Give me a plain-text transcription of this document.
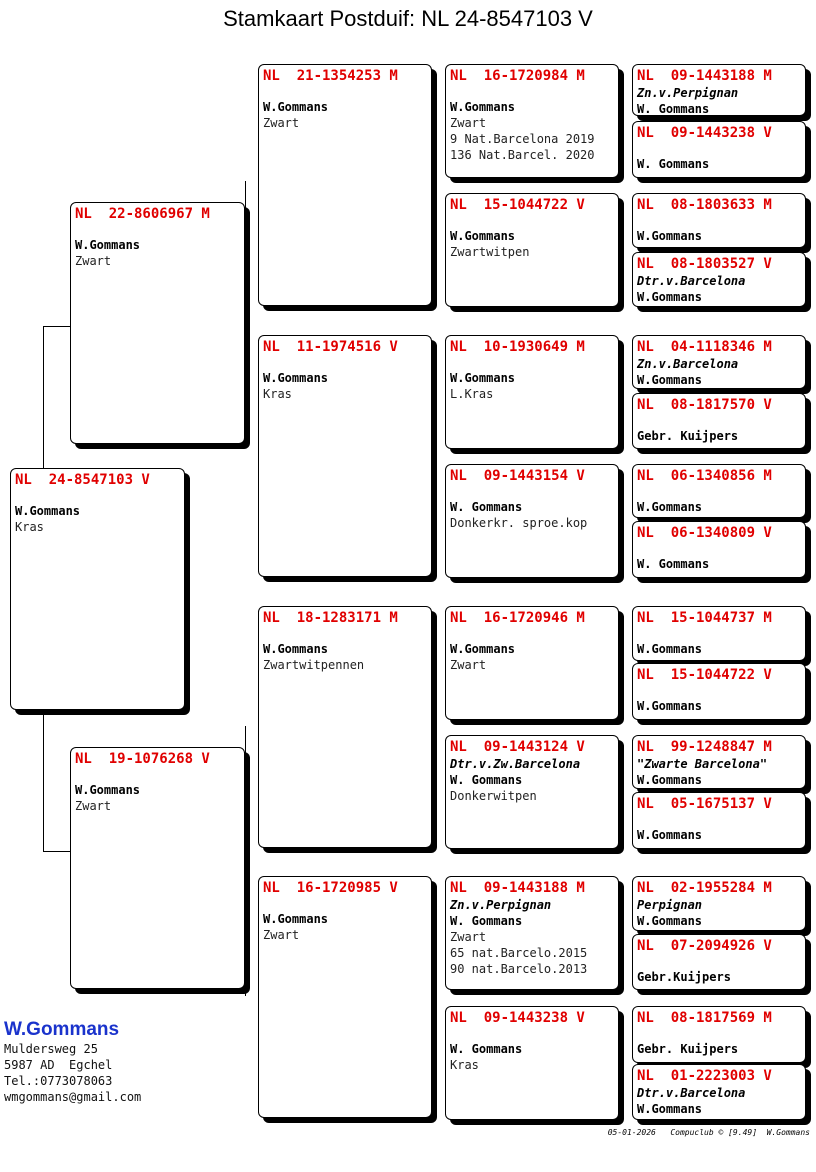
Stamkaart Postduif: NL 24-8547103 V
NL  24-8547103 V
W.Gommans
Kras
NL  22-8606967 M
W.Gommans
Zwart
NL  19-1076268 V
W.Gommans
Zwart
NL  21-1354253 M
W.Gommans
Zwart
NL  11-1974516 V
W.Gommans
Kras
NL  18-1283171 M
W.Gommans
Zwartwitpennen
NL  16-1720985 V
W.Gommans
Zwart
NL  16-1720984 M
W.Gommans
Zwart
9 Nat.Barcelona 2019
136 Nat.Barcel. 2020
NL  15-1044722 V
W.Gommans
Zwartwitpen
NL  10-1930649 M
W.Gommans
L.Kras
NL  09-1443154 V
W. Gommans
Donkerkr. sproe.kop
NL  16-1720946 M
W.Gommans
Zwart
NL  09-1443124 V
Dtr.v.Zw.Barcelona
W. Gommans
Donkerwitpen
NL  09-1443188 M
Zn.v.Perpignan
W. Gommans
Zwart
65 nat.Barcelo.2015
90 nat.Barcelo.2013
NL  09-1443238 V
W. Gommans
Kras
NL  09-1443188 M
Zn.v.Perpignan
W. Gommans
NL  09-1443238 V
W. Gommans
NL  08-1803633 M
W.Gommans
NL  08-1803527 V
Dtr.v.Barcelona
W.Gommans
NL  04-1118346 M
Zn.v.Barcelona
W.Gommans
NL  08-1817570 V
Gebr. Kuijpers
NL  06-1340856 M
W.Gommans
NL  06-1340809 V
W. Gommans
NL  15-1044737 M
W.Gommans
NL  15-1044722 V
W.Gommans
NL  99-1248847 M
"Zwarte Barcelona"
W.Gommans
NL  05-1675137 V
W.Gommans
NL  02-1955284 M
Perpignan
W.Gommans
NL  07-2094926 V
Gebr.Kuijpers
NL  08-1817569 M
Gebr. Kuijpers
NL  01-2223003 V
Dtr.v.Barcelona
W.Gommans
W.Gommans
Muldersweg 25
5987 AD  Egchel
Tel.:0773078063
wmgommans@gmail.com
05-01-2026   Compuclub © [9.49]  W.Gommans
